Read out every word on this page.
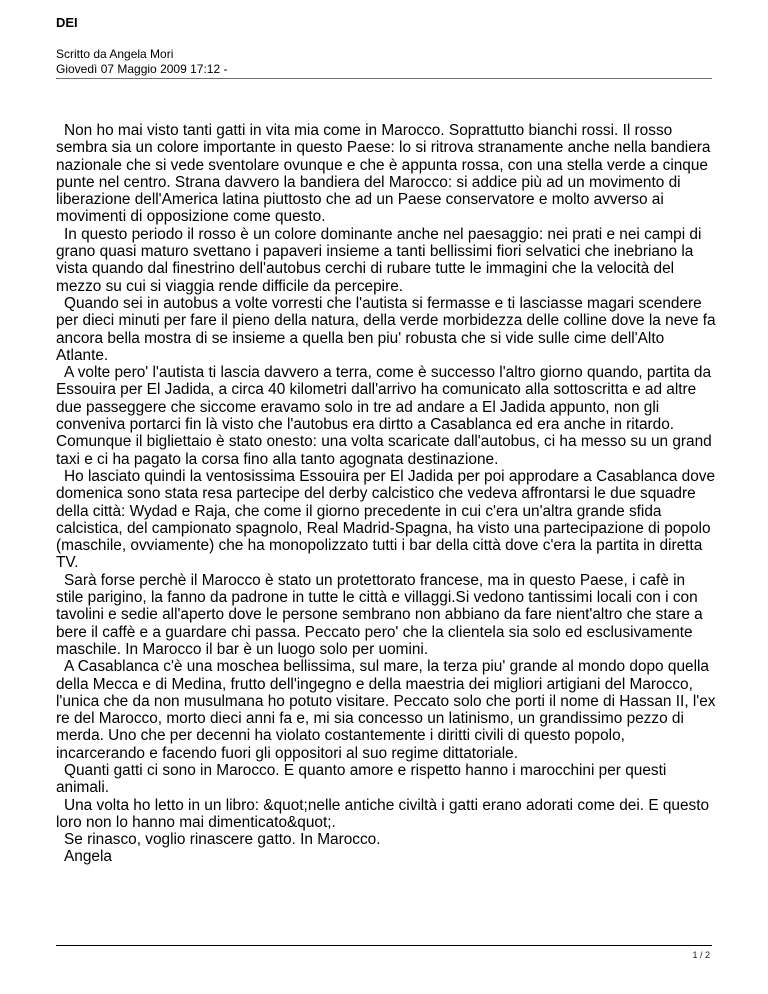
DEI
Scritto da Angela Mori
Giovedì 07 Maggio 2009 17:12 -

Non ho mai visto tanti gatti in vita mia come in Marocco. Soprattutto bianchi rossi. Il rosso sembra sia un colore importante in questo Paese: lo si ritrova stranamente anche nella bandiera nazionale che si vede sventolare ovunque e che è appunta rossa, con una stella verde a cinque punte nel centro. Strana davvero la bandiera del Marocco: si addice più ad un movimento di liberazione dell'America latina piuttosto che ad un Paese conservatore e molto avverso ai movimenti di opposizione come questo.

In questo periodo il rosso è un colore dominante anche nel paesaggio: nei prati e nei campi di grano quasi maturo svettano i papaveri insieme a tanti bellissimi fiori selvatici che inebriano la vista quando dal finestrino dell'autobus cerchi di rubare tutte le immagini che la velocità del mezzo su cui si viaggia rende difficile da percepire.

Quando sei in autobus a volte vorresti che l'autista si fermasse e ti lasciasse magari scendere per dieci minuti per fare il pieno della natura, della verde morbidezza delle colline dove la neve fa ancora bella mostra di se insieme a quella ben piu' robusta che si vide sulle cime dell'Alto Atlante.

A volte pero' l'autista ti lascia davvero a terra, come è successo l'altro giorno quando, partita da Essouira per El Jadida, a circa 40 kilometri dall'arrivo ha comunicato alla sottoscritta e ad altre due passeggere che siccome eravamo solo in tre ad andare a El Jadida appunto, non gli conveniva portarci fin là visto che l'autobus era dirtto a Casablanca ed era anche in ritardo. Comunque il bigliettaio è stato onesto: una volta scaricate dall'autobus, ci ha messo su un grand taxi e ci ha pagato la corsa fino alla tanto agognata destinazione.

Ho lasciato quindi la ventosissima Essouira per El Jadida per poi approdare a Casablanca dove domenica sono stata resa partecipe del derby calcistico che vedeva affrontarsi le due squadre della città: Wydad e Raja, che come il giorno precedente in cui c'era un'altra grande sfida calcistica, del campionato spagnolo, Real Madrid-Spagna, ha visto una partecipazione di popolo (maschile, ovviamente) che ha monopolizzato tutti i bar della città dove c'era la partita in diretta TV.

Sarà forse perchè il Marocco è stato un protettorato francese, ma in questo Paese, i cafè in stile parigino, la fanno da padrone in tutte le città e villaggi.Si vedono tantissimi locali con i con tavolini e sedie all'aperto dove le persone sembrano non abbiano da fare nient'altro che stare a bere il caffè e a guardare chi passa. Peccato pero' che la clientela sia solo ed esclusivamente maschile. In Marocco il bar è un luogo solo per uomini.

A Casablanca c'è una moschea bellissima, sul mare, la terza piu' grande al mondo dopo quella della Mecca e di Medina, frutto dell'ingegno e della maestria dei migliori artigiani del Marocco, l'unica che da non musulmana ho potuto visitare. Peccato solo che porti il nome di Hassan II, l'ex re del Marocco, morto dieci anni fa e, mi sia concesso un latinismo, un grandissimo pezzo di merda. Uno che per decenni ha violato costantemente i diritti civili di questo popolo, incarcerando e facendo fuori gli oppositori al suo regime dittatoriale.

Quanti gatti ci sono in Marocco. E quanto amore e rispetto hanno i marocchini per questi animali.

Una volta ho letto in un libro: &quot;nelle antiche civiltà i gatti erano adorati come dei. E questo loro non lo hanno mai dimenticato&quot;.

Se rinasco, voglio rinascere gatto. In Marocco.

Angela

1 / 2
